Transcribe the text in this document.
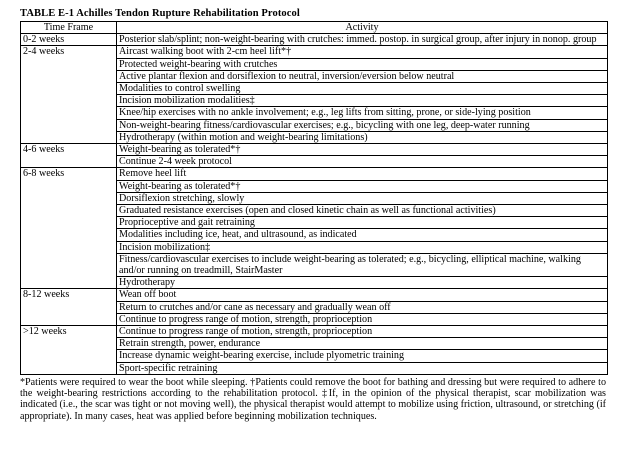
TABLE E-1 Achilles Tendon Rupture Rehabilitation Protocol
Time Frame	Activity
0-2 weeks	Posterior slab/splint; non-weight-bearing with crutches: immed. postop. in surgical group, after injury in nonop. group
2-4 weeks	Aircast walking boot with 2-cm heel lift*†
	Protected weight-bearing with crutches
	Active plantar flexion and dorsiflexion to neutral, inversion/eversion below neutral
	Modalities to control swelling
	Incision mobilization modalities‡
	Knee/hip exercises with no ankle involvement; e.g., leg lifts from sitting, prone, or side-lying position
	Non-weight-bearing fitness/cardiovascular exercises; e.g., bicycling with one leg, deep-water running
	Hydrotherapy (within motion and weight-bearing limitations)
4-6 weeks	Weight-bearing as tolerated*†
	Continue 2-4 week protocol
6-8 weeks	Remove heel lift
	Weight-bearing as tolerated*†
	Dorsiflexion stretching, slowly
	Graduated resistance exercises (open and closed kinetic chain as well as functional activities)
	Proprioceptive and gait retraining
	Modalities including ice, heat, and ultrasound, as indicated
	Incision mobilization‡
	Fitness/cardiovascular exercises to include weight-bearing as tolerated; e.g., bicycling, elliptical machine, walking and/or running on treadmill, StairMaster
	Hydrotherapy
8-12 weeks	Wean off boot
	Return to crutches and/or cane as necessary and gradually wean off
	Continue to progress range of motion, strength, proprioception
>12 weeks	Continue to progress range of motion, strength, proprioception
	Retrain strength, power, endurance
	Increase dynamic weight-bearing exercise, include plyometric training
	Sport-specific retraining
*Patients were required to wear the boot while sleeping. †Patients could remove the boot for bathing and dressing but were required to adhere to the weight-bearing restrictions according to the rehabilitation protocol. ‡If, in the opinion of the physical therapist, scar mobilization was indicated (i.e., the scar was tight or not moving well), the physical therapist would attempt to mobilize using friction, ultrasound, or stretching (if appropriate). In many cases, heat was applied before beginning mobilization techniques.
